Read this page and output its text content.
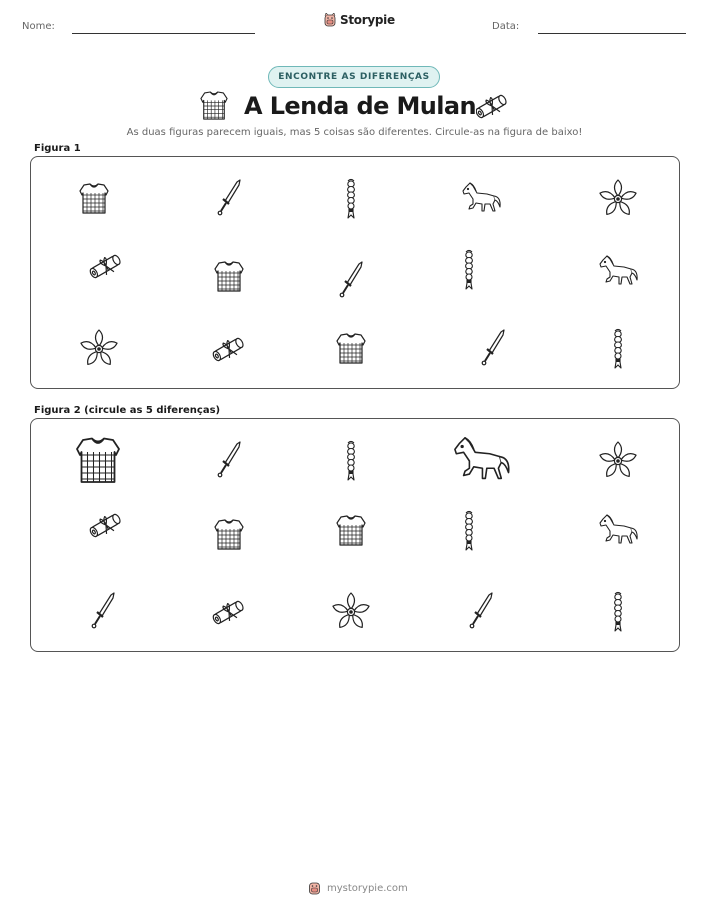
Nome:	Data:
Storypie
ENCONTRE AS DIFERENÇAS
A Lenda de Mulan
As duas figuras parecem iguais, mas 5 coisas são diferentes. Circule-as na figura de baixo!
Figura 1
Figura 2 (circule as 5 diferenças)
mystorypie.com
